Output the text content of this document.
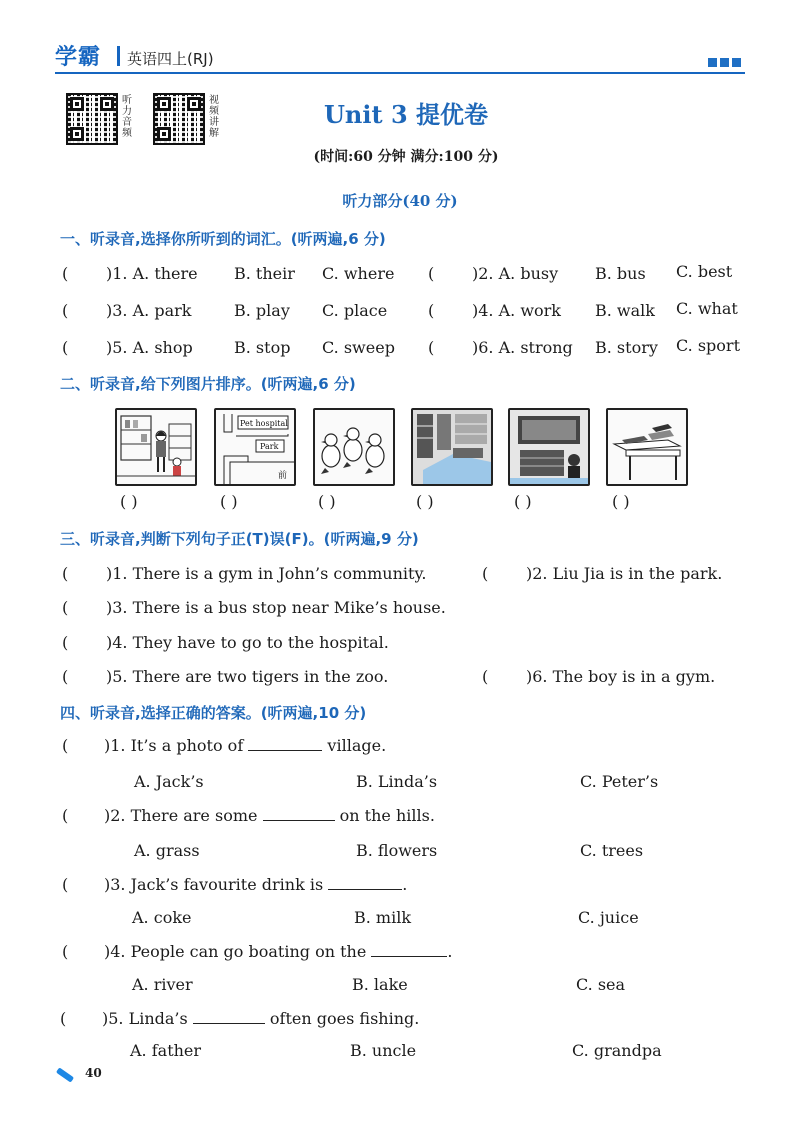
学霸 英语四上(RJ)
听力音频
视频讲解
Unit 3 提优卷
(时间:60 分钟 满分:100 分)
听力部分(40 分)
一、听录音,选择你所听到的词汇。(听两遍,6 分)
( )1. A. there B. their C. where ( )2. A. busy B. bus C. best
( )3. A. park	B. play C. place	( )4. A. work B. walk C. what
( )5. A. shop	B. stop C. sweep ( )6. A. strong B. story C. sport
二、听录音,给下列图片排序。(听两遍,6 分)
Pet hospital
Park
前
( )	( )	( )	( )	( )	( )
三、听录音,判断下列句子正(T)误(F)。(听两遍,9 分)
( )1. There is a gym in John’s community.	( )2. Liu Jia is in the park.
( )3. There is a bus stop near Mike’s house.
( )4. They have to go to the hospital.
( )5. There are two tigers in the zoo.	( )6. The boy is in a gym.
四、听录音,选择正确的答案。(听两遍,10 分)
( )1. It’s a photo of	village.
A. Jack’s	B. Linda’s	C. Peter’s
( )2. There are some	on the hills.
A. grass	B. flowers	C. trees
( )3. Jack’s favourite drink is	.
A. coke	B. milk	C. juice
( )4. People can go boating on the	.
A. river	B. lake	C. sea
( )5. Linda’s	often goes fishing.
A. father	B. uncle	C. grandpa
40
